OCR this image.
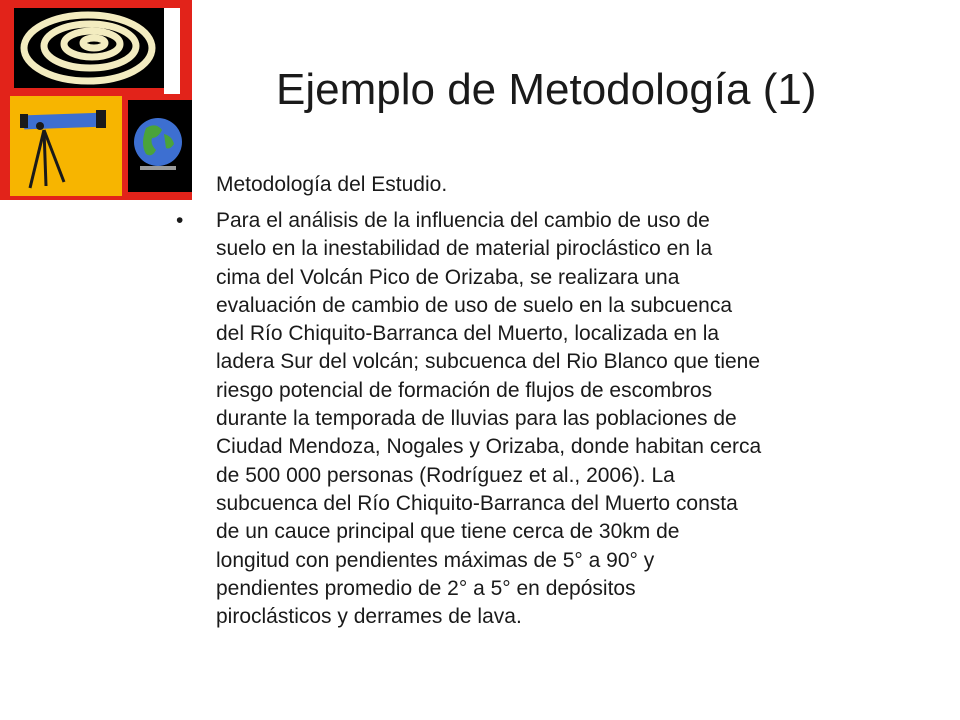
Ejemplo de Metodología (1)
Metodología del Estudio.
• Para el análisis de la influencia del cambio de uso de
suelo en la inestabilidad de material piroclástico en la
cima del Volcán Pico de Orizaba, se realizara una
evaluación de cambio de uso de suelo en la subcuenca
del Río Chiquito-Barranca del Muerto, localizada en la
ladera Sur del volcán; subcuenca del Rio Blanco que tiene
riesgo potencial de formación de flujos de escombros
durante la temporada de lluvias para las poblaciones de
Ciudad Mendoza, Nogales y Orizaba, donde habitan cerca
de 500 000 personas (Rodríguez et al., 2006). La
subcuenca del Río Chiquito-Barranca del Muerto consta
de un cauce principal que tiene cerca de 30km de
longitud con pendientes máximas de 5° a 90° y
pendientes promedio de 2° a 5° en depósitos
piroclásticos y derrames de lava.
